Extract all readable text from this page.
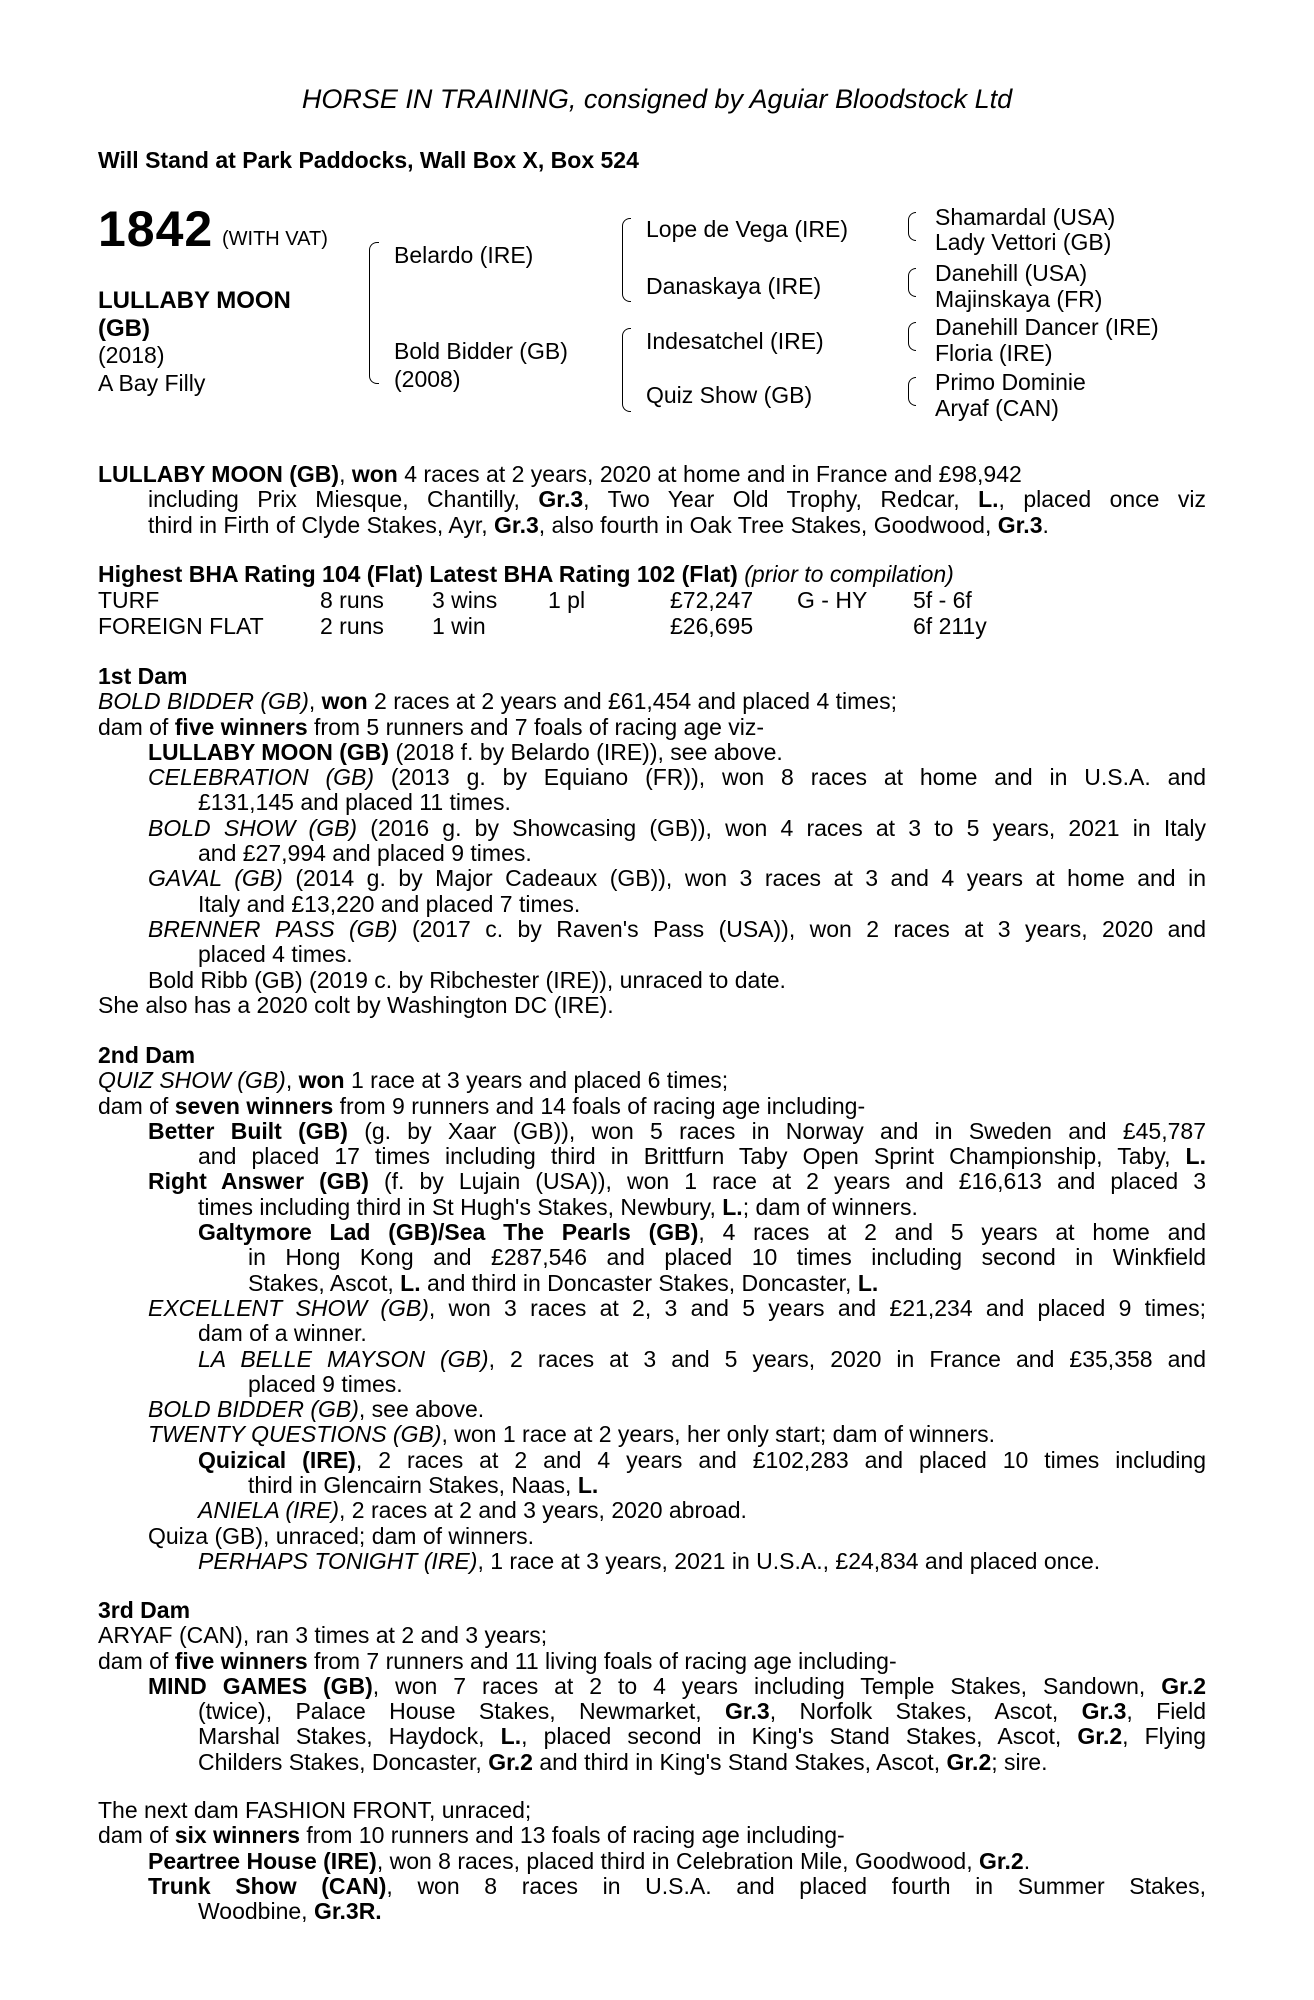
HORSE IN TRAINING, consigned by Aguiar Bloodstock Ltd
Will Stand at Park Paddocks, Wall Box X, Box 524
1842 (WITH VAT)
LULLABY MOON (GB)
(2018)
A Bay Filly
Belardo (IRE)
Bold Bidder (GB)
(2008)
Lope de Vega (IRE)
Danaskaya (IRE)
Indesatchel (IRE)
Quiz Show (GB)
Shamardal (USA)
Lady Vettori (GB)
Danehill (USA)
Majinskaya (FR)
Danehill Dancer (IRE)
Floria (IRE)
Primo Dominie
Aryaf (CAN)
LULLABY MOON (GB), won 4 races at 2 years, 2020 at home and in France and £98,942
including Prix Miesque, Chantilly, Gr.3, Two Year Old Trophy, Redcar, L., placed once viz
third in Firth of Clyde Stakes, Ayr, Gr.3, also fourth in Oak Tree Stakes, Goodwood, Gr.3.
Highest BHA Rating 104 (Flat) Latest BHA Rating 102 (Flat) (prior to compilation)
TURF	8 runs 3 wins 1 pl	£72,247 G - HY 5f - 6f
FOREIGN FLAT 2 runs 1 win	£26,695	6f 211y
1st Dam
BOLD BIDDER (GB), won 2 races at 2 years and £61,454 and placed 4 times;
dam of five winners from 5 runners and 7 foals of racing age viz-
LULLABY MOON (GB) (2018 f. by Belardo (IRE)), see above.
CELEBRATION (GB) (2013 g. by Equiano (FR)), won 8 races at home and in U.S.A. and
£131,145 and placed 11 times.
BOLD SHOW (GB) (2016 g. by Showcasing (GB)), won 4 races at 3 to 5 years, 2021 in Italy
and £27,994 and placed 9 times.
GAVAL (GB) (2014 g. by Major Cadeaux (GB)), won 3 races at 3 and 4 years at home and in
Italy and £13,220 and placed 7 times.
BRENNER PASS (GB) (2017 c. by Raven's Pass (USA)), won 2 races at 3 years, 2020 and
placed 4 times.
Bold Ribb (GB) (2019 c. by Ribchester (IRE)), unraced to date.
She also has a 2020 colt by Washington DC (IRE).
2nd Dam
QUIZ SHOW (GB), won 1 race at 3 years and placed 6 times;
dam of seven winners from 9 runners and 14 foals of racing age including-
Better Built (GB) (g. by Xaar (GB)), won 5 races in Norway and in Sweden and £45,787
and placed 17 times including third in Brittfurn Taby Open Sprint Championship, Taby, L.
Right Answer (GB) (f. by Lujain (USA)), won 1 race at 2 years and £16,613 and placed 3
times including third in St Hugh's Stakes, Newbury, L.; dam of winners.
Galtymore Lad (GB)/Sea The Pearls (GB), 4 races at 2 and 5 years at home and
in Hong Kong and £287,546 and placed 10 times including second in Winkfield
Stakes, Ascot, L. and third in Doncaster Stakes, Doncaster, L.
EXCELLENT SHOW (GB), won 3 races at 2, 3 and 5 years and £21,234 and placed 9 times;
dam of a winner.
LA BELLE MAYSON (GB), 2 races at 3 and 5 years, 2020 in France and £35,358 and
placed 9 times.
BOLD BIDDER (GB), see above.
TWENTY QUESTIONS (GB), won 1 race at 2 years, her only start; dam of winners.
Quizical (IRE), 2 races at 2 and 4 years and £102,283 and placed 10 times including
third in Glencairn Stakes, Naas, L.
ANIELA (IRE), 2 races at 2 and 3 years, 2020 abroad.
Quiza (GB), unraced; dam of winners.
PERHAPS TONIGHT (IRE), 1 race at 3 years, 2021 in U.S.A., £24,834 and placed once.
3rd Dam
ARYAF (CAN), ran 3 times at 2 and 3 years;
dam of five winners from 7 runners and 11 living foals of racing age including-
MIND GAMES (GB), won 7 races at 2 to 4 years including Temple Stakes, Sandown, Gr.2
(twice), Palace House Stakes, Newmarket, Gr.3, Norfolk Stakes, Ascot, Gr.3, Field
Marshal Stakes, Haydock, L., placed second in King's Stand Stakes, Ascot, Gr.2, Flying
Childers Stakes, Doncaster, Gr.2 and third in King's Stand Stakes, Ascot, Gr.2; sire.
The next dam FASHION FRONT, unraced;
dam of six winners from 10 runners and 13 foals of racing age including-
Peartree House (IRE), won 8 races, placed third in Celebration Mile, Goodwood, Gr.2.
Trunk Show (CAN), won 8 races in U.S.A. and placed fourth in Summer Stakes,
Woodbine, Gr.3R.
